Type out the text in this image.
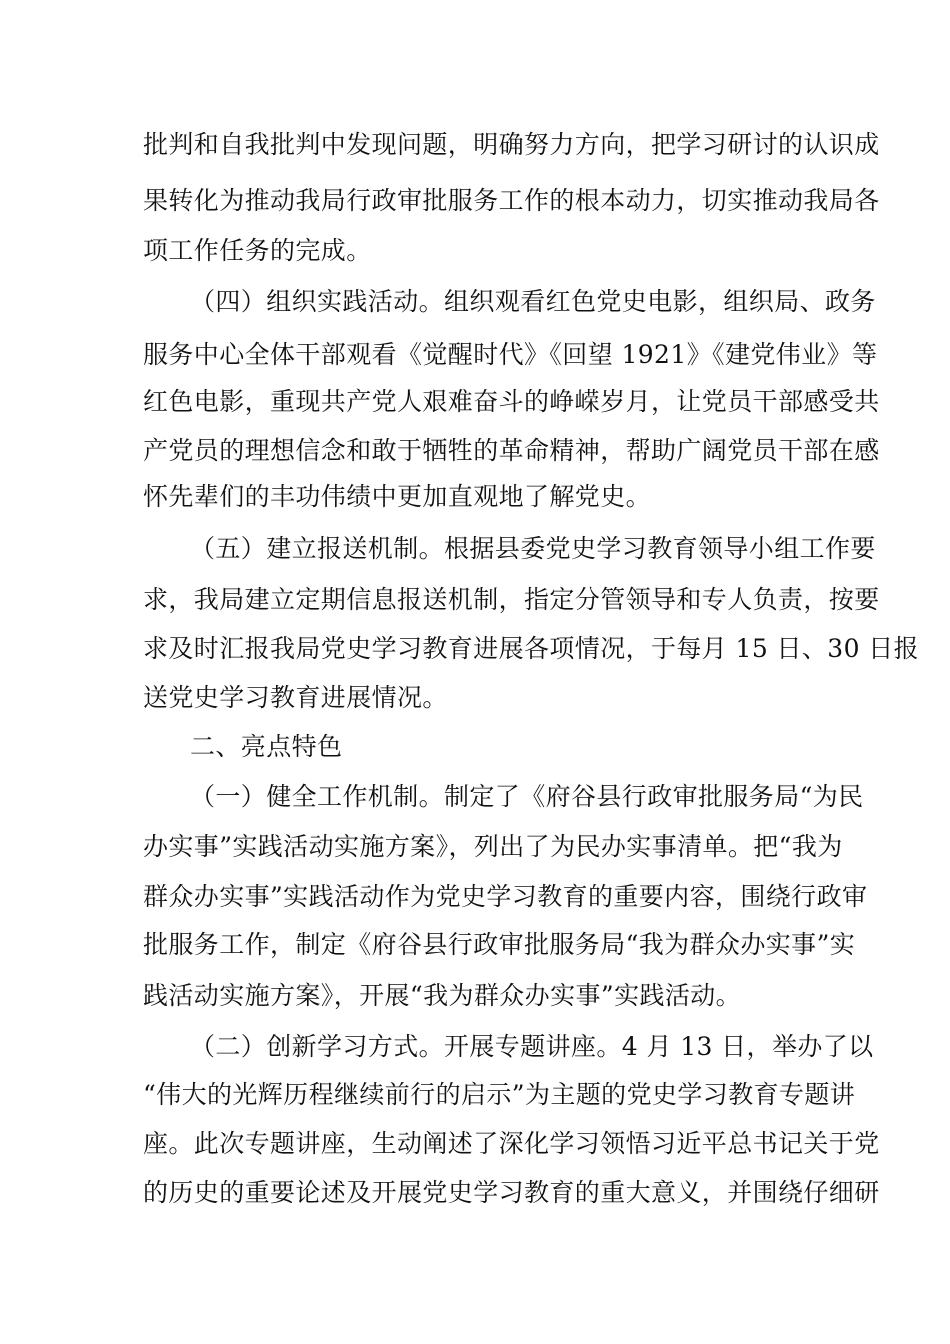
批判和自我批判中发现问题，明确努力方向，把学习研讨的认识成
果转化为推动我局行政审批服务工作的根本动力，切实推动我局各
项工作任务的完成。
（四）组织实践活动。组织观看红色党史电影，组织局、政务
服务中心全体干部观看《觉醒时代》《回望 1921》《建党伟业》等
红色电影，重现共产党人艰难奋斗的峥嵘岁月，让党员干部感受共
产党员的理想信念和敢于牺牲的革命精神，帮助广阔党员干部在感
怀先辈们的丰功伟绩中更加直观地了解党史。
（五）建立报送机制。根据县委党史学习教育领导小组工作要
求，我局建立定期信息报送机制，指定分管领导和专人负责，按要
求及时汇报我局党史学习教育进展各项情况，于每月 15 日、30 日报
送党史学习教育进展情况。
二、亮点特色
（一）健全工作机制。制定了《府谷县行政审批服务局“为民
办实事”实践活动实施方案》，列出了为民办实事清单。把“我为
群众办实事”实践活动作为党史学习教育的重要内容，围绕行政审
批服务工作，制定《府谷县行政审批服务局“我为群众办实事”实
践活动实施方案》，开展“我为群众办实事”实践活动。
（二）创新学习方式。开展专题讲座。4 月 13 日，举办了以
“伟大的光辉历程继续前行的启示”为主题的党史学习教育专题讲
座。此次专题讲座，生动阐述了深化学习领悟习近平总书记关于党
的历史的重要论述及开展党史学习教育的重大意义，并围绕仔细研
